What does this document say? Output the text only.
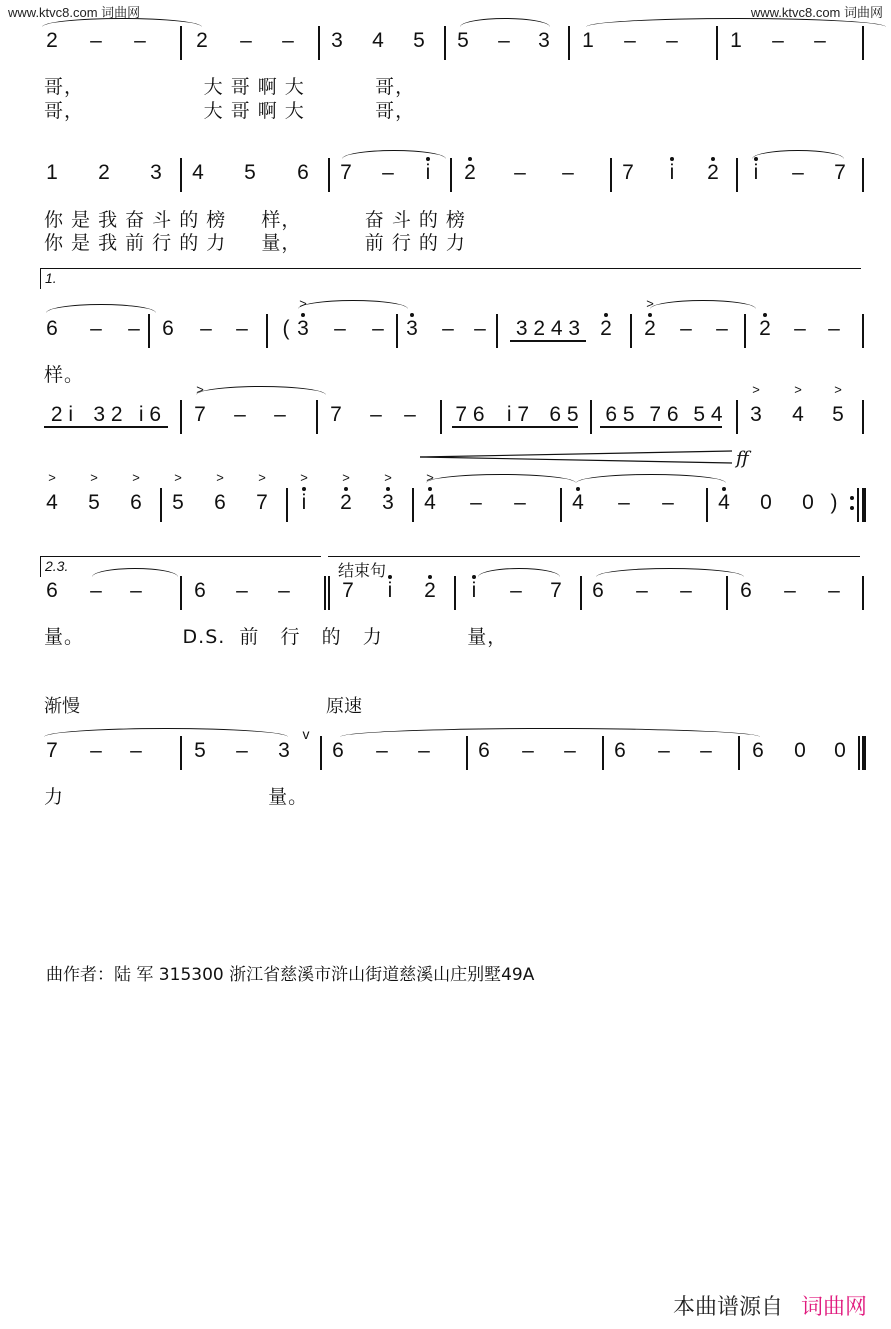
www.ktvc8.com 词曲网	www.ktvc8.com 词曲网
2 – – 2 – – 3 4 5 5 – 3 1 – – 1 – –
哥，                 大 哥 啊 大          哥，
哥，                 大 哥 啊 大          哥，
1 2 3 4 5 6 7 – i 2 – – 7 i 2 i – 7
你 是 我 奋 斗 的 榜     样，         奋 斗 的 榜
你 是 我 前 行 的 力     量，         前 行 的 力
1.
6 – – 6 – – (
>
3 – – 3 – – 3 2 4 3 2
>
2 – – 2 – –
样。
2 i 3 2 i 6
>
7 – – 7 – – 7 6 i 7 6 5 6 5 7 6 5 4
>
3
>
4
>
5
ff
>
4
>
5
>
6
>
5
>
6
>
7
>
i
>
2
>
3
>
4 – – 4 – – 4 0 0 )
2.3.	结束句
6 – – 6 – – 7 i 2 i – 7 6 – – 6 – –
量。              D.S.  前   行   的   力            量，
渐慢	原速
7 – – 5 – 3
v
6 – – 6 – – 6 – – 6 0 0
力                             量。
曲作者：陆 军 315300 浙江省慈溪市浒山街道慈溪山庄别墅49A
本曲谱源自 词曲网
